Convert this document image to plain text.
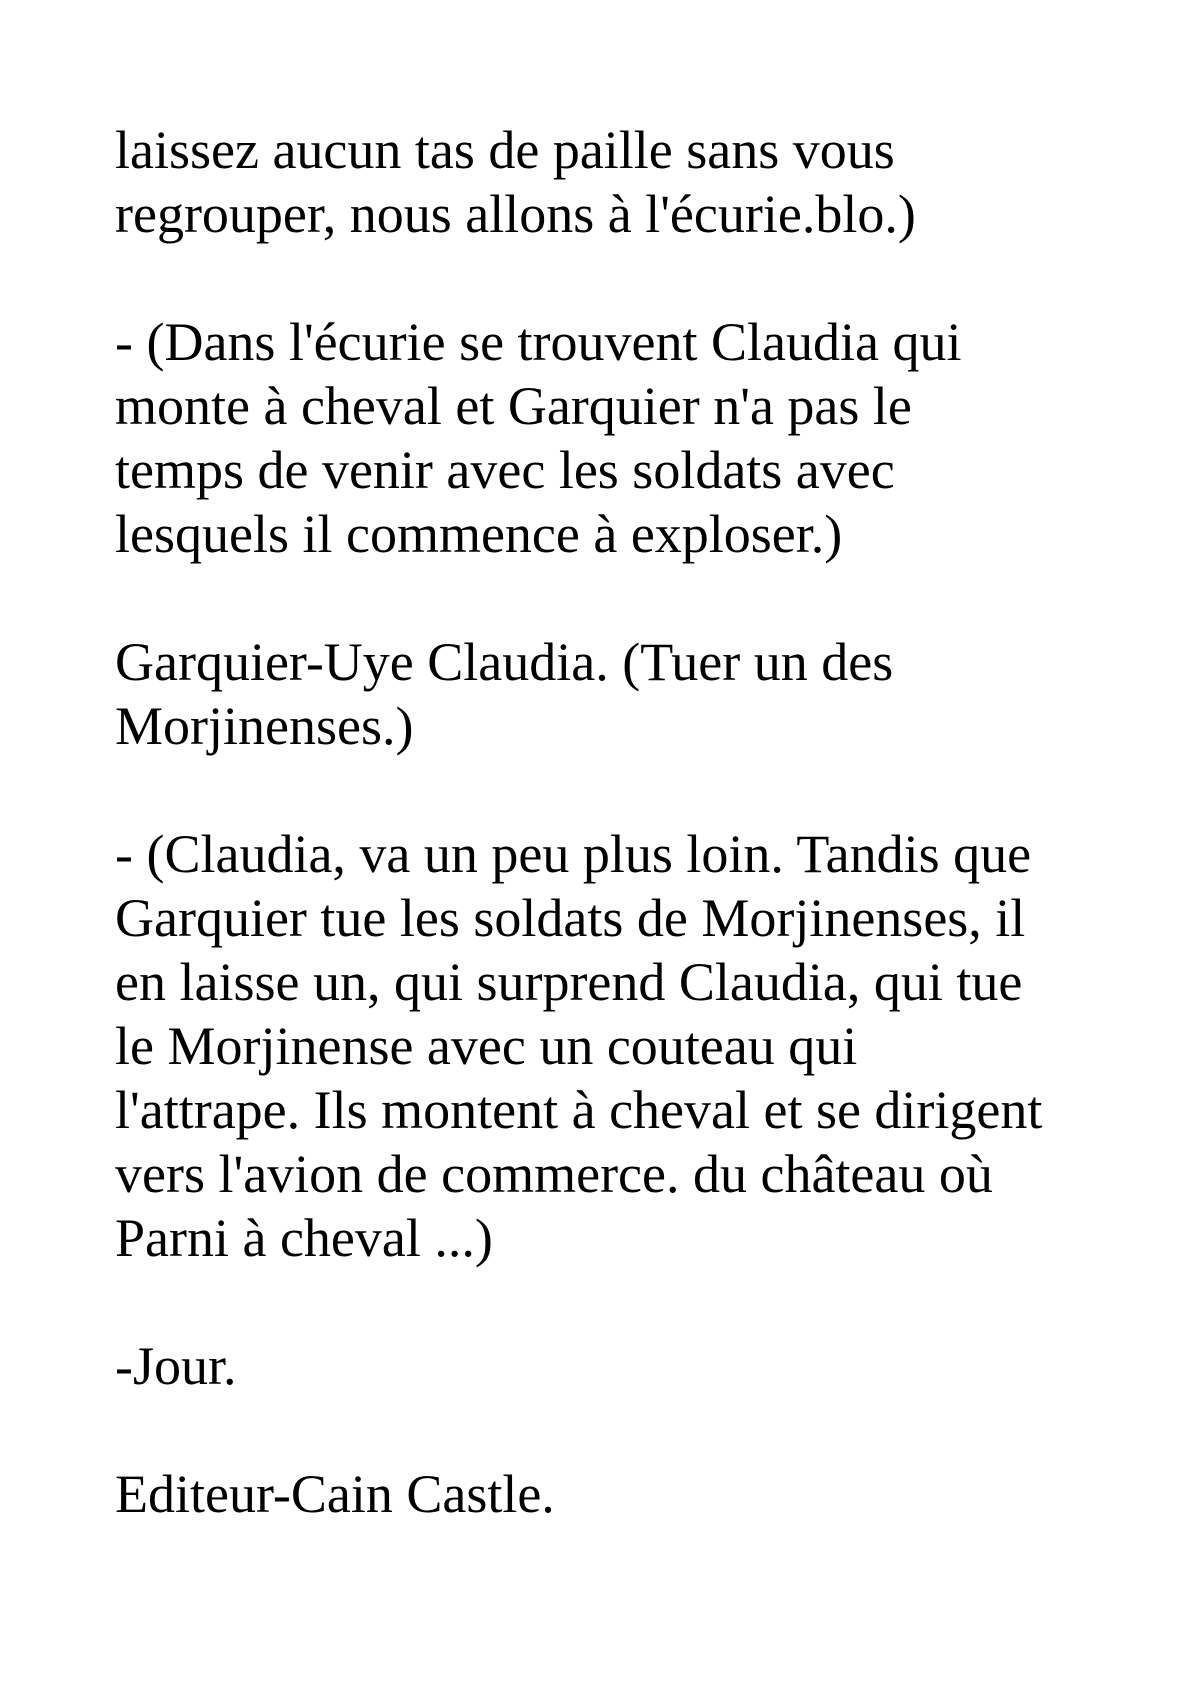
laissez aucun tas de paille sans vous
regrouper, nous allons à l'écurie.blo.)

- (Dans l'écurie se trouvent Claudia qui
monte à cheval et Garquier n'a pas le
temps de venir avec les soldats avec
lesquels il commence à exploser.)

Garquier-Uye Claudia. (Tuer un des
Morjinenses.)

- (Claudia, va un peu plus loin. Tandis que
Garquier tue les soldats de Morjinenses, il
en laisse un, qui surprend Claudia, qui tue
le Morjinense avec un couteau qui
l'attrape. Ils montent à cheval et se dirigent
vers l'avion de commerce. du château où
Parni à cheval ...)

-Jour.

Editeur-Cain Castle.
